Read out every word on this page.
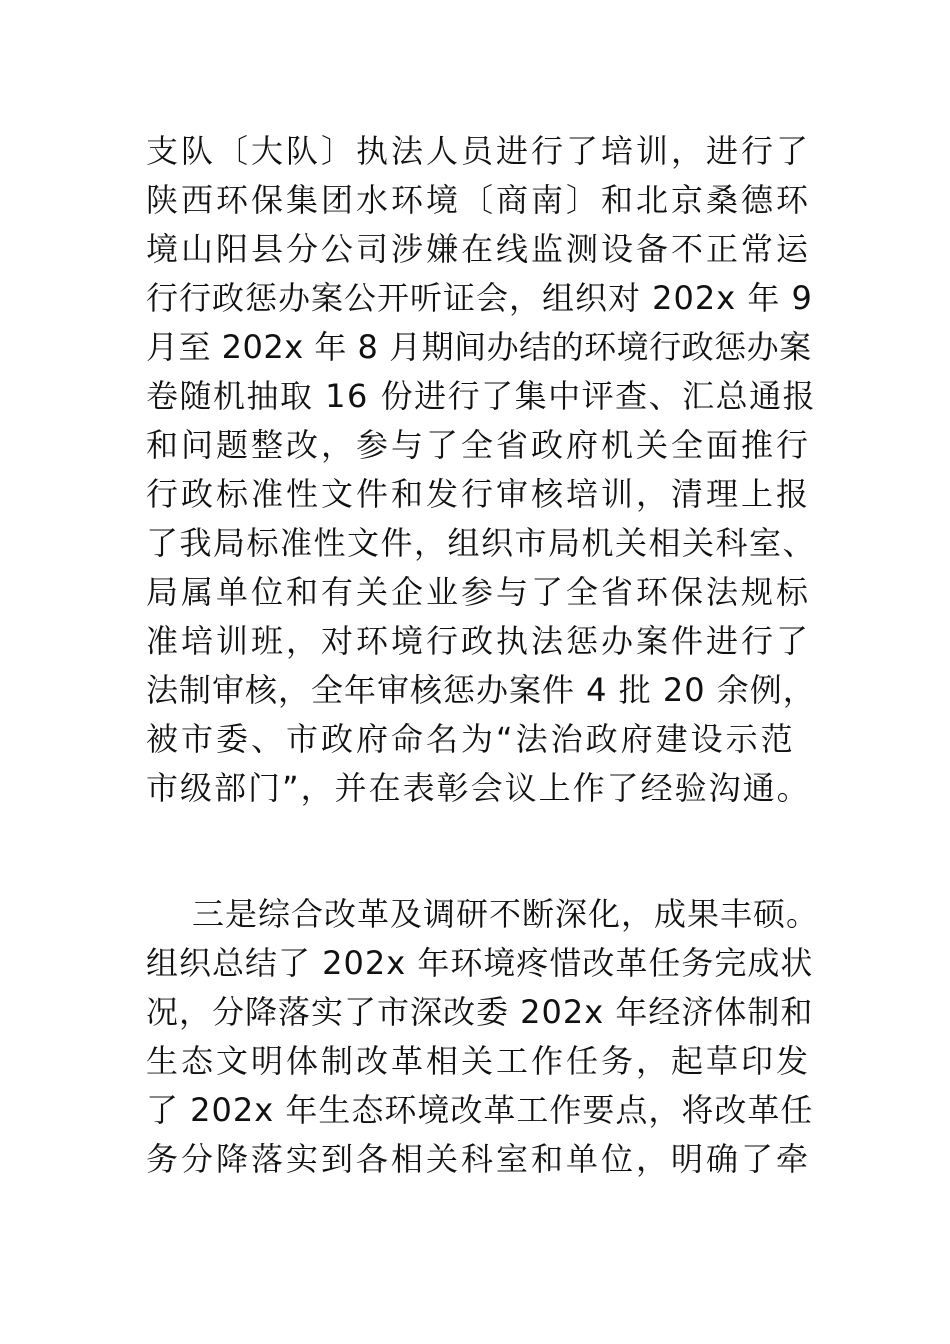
支队〔大队〕执法人员进行了培训，进行了
陕西环保集团水环境〔商南〕和北京桑德环
境山阳县分公司涉嫌在线监测设备不正常运
行行政惩办案公开听证会，组织对 202x 年 9
月至 202x 年 8 月期间办结的环境行政惩办案
卷随机抽取 16 份进行了集中评查、汇总通报
和问题整改，参与了全省政府机关全面推行
行政标准性文件和发行审核培训，清理上报
了我局标准性文件，组织市局机关相关科室、
局属单位和有关企业参与了全省环保法规标
准培训班，对环境行政执法惩办案件进行了
法制审核，全年审核惩办案件 4 批 20 余例，
被市委、市政府命名为“法治政府建设示范
市级部门”，并在表彰会议上作了经验沟通。
三是综合改革及调研不断深化，成果丰硕。
组织总结了 202x 年环境疼惜改革任务完成状
况，分降落实了市深改委 202x 年经济体制和
生态文明体制改革相关工作任务，起草印发
了 202x 年生态环境改革工作要点，将改革任
务分降落实到各相关科室和单位，明确了牵
